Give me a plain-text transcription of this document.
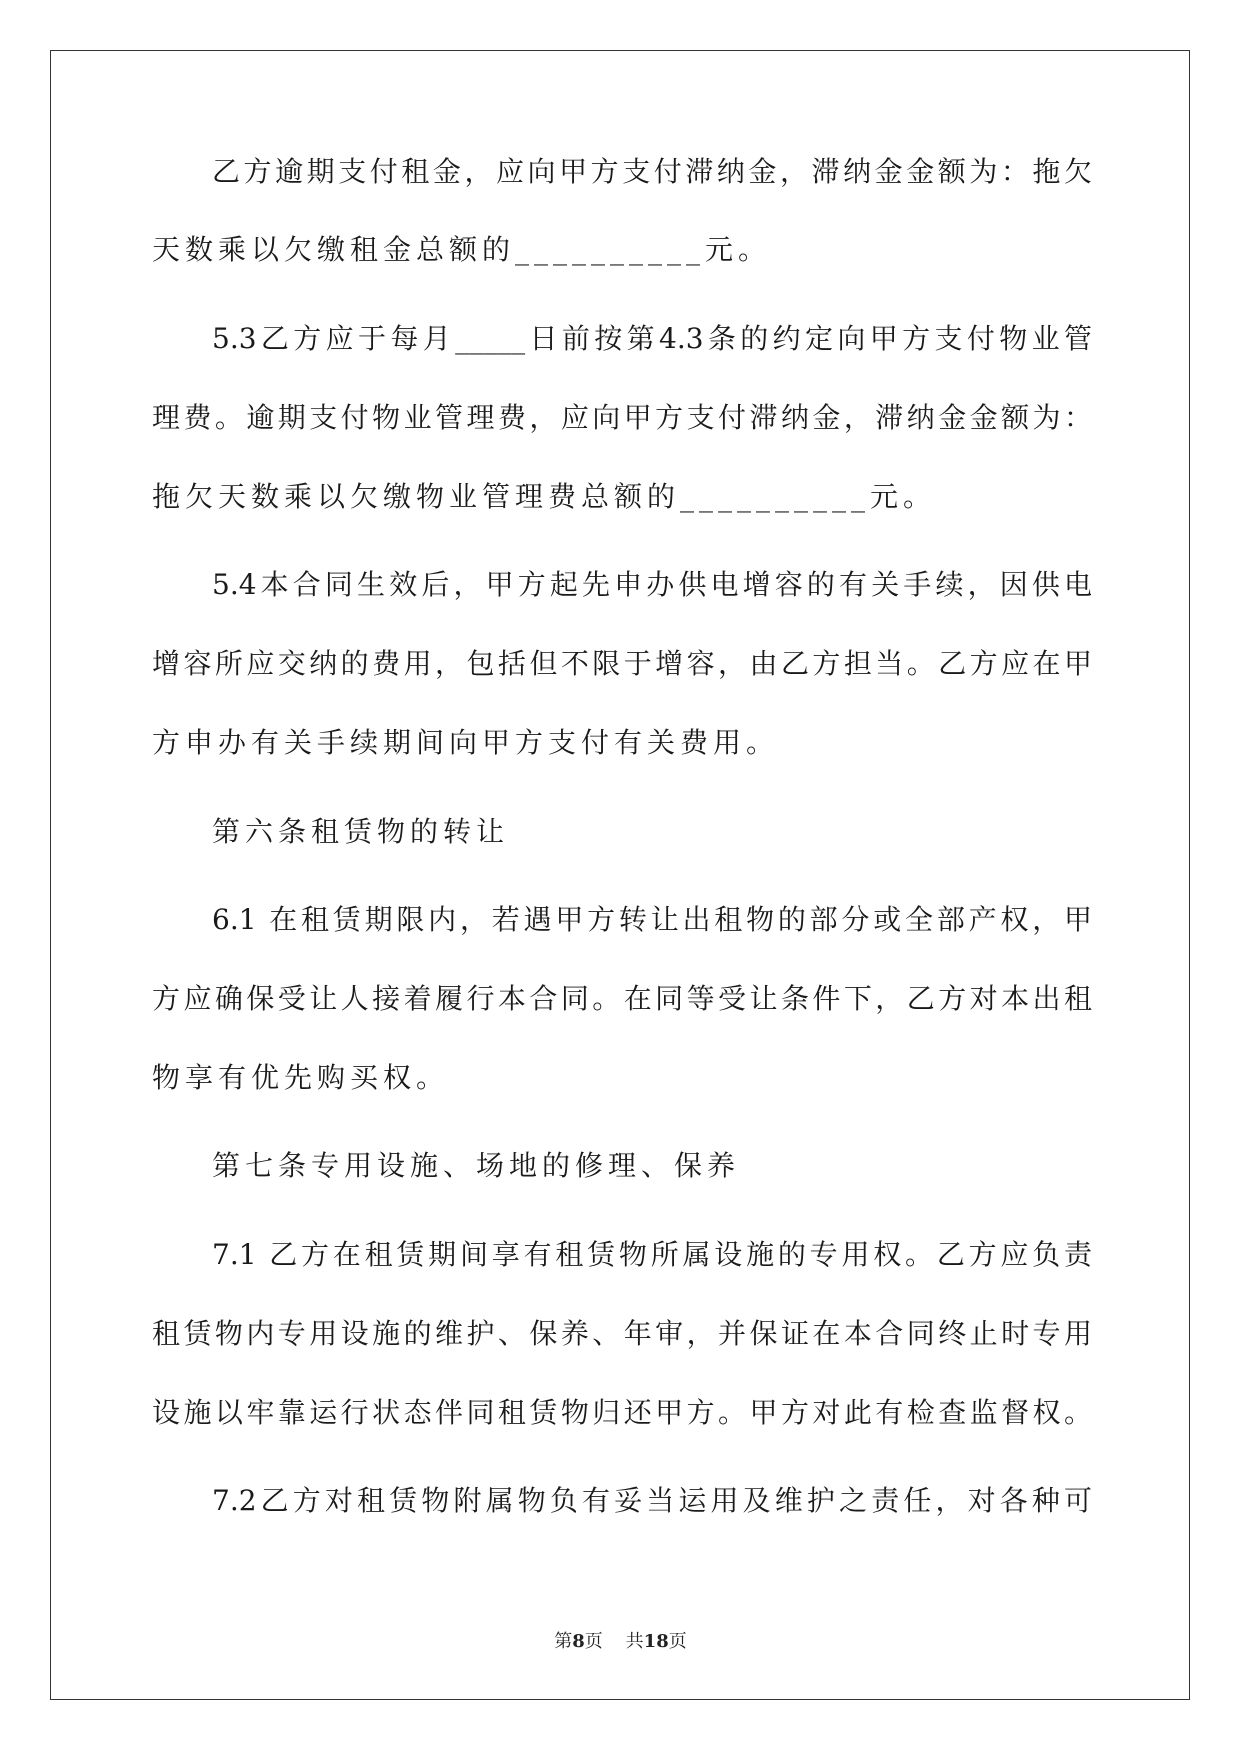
乙方逾期支付租金，应向甲方支付滞纳金，滞纳金金额为：拖欠
天数乘以欠缴租金总额的__________元。
5.3乙方应于每月_____日前按第4.3条的约定向甲方支付物业管
理费。逾期支付物业管理费，应向甲方支付滞纳金，滞纳金金额为：
拖欠天数乘以欠缴物业管理费总额的__________元。
5.4本合同生效后，甲方起先申办供电增容的有关手续，因供电
增容所应交纳的费用，包括但不限于增容，由乙方担当。乙方应在甲
方申办有关手续期间向甲方支付有关费用。
第六条租赁物的转让
6.1 在租赁期限内，若遇甲方转让出租物的部分或全部产权，甲
方应确保受让人接着履行本合同。在同等受让条件下，乙方对本出租
物享有优先购买权。
第七条专用设施、场地的修理、保养
7.1 乙方在租赁期间享有租赁物所属设施的专用权。乙方应负责
租赁物内专用设施的维护、保养、年审，并保证在本合同终止时专用
设施以牢靠运行状态伴同租赁物归还甲方。甲方对此有检查监督权。
7.2乙方对租赁物附属物负有妥当运用及维护之责任，对各种可
第8页 共18页
